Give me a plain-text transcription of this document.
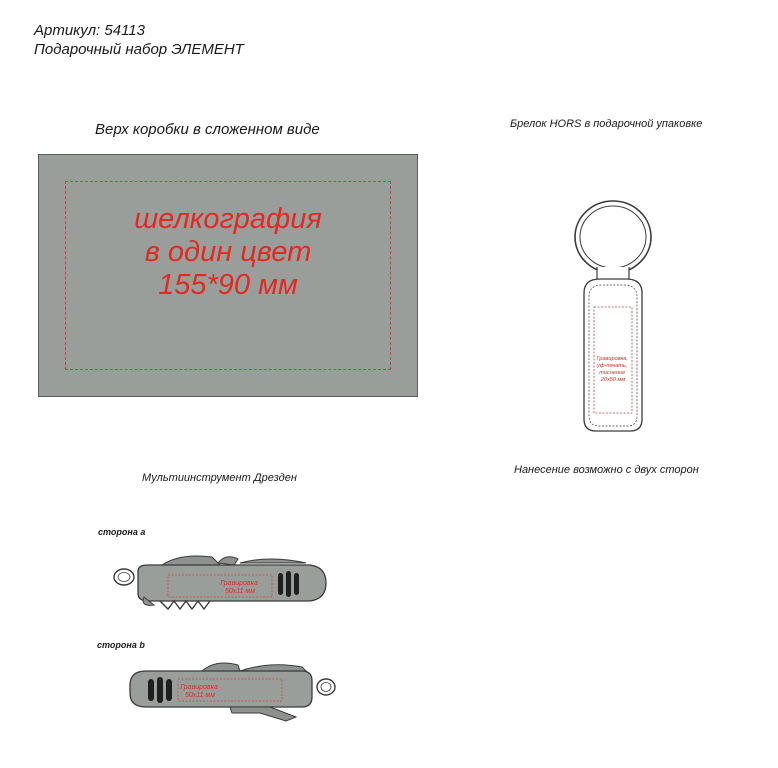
Артикул: 54113
Подарочный набор ЭЛЕМЕНТ
Верх коробки в сложенном виде
шелкография
в один цвет
155*90 мм
Брелок HORS в подарочной упаковке
Гравировка, уф-печать, тиснение 20х50 мм
Нанесение возможно с двух сторон
Мультиинструмент Дрезден
сторона a
Гравировка 50х11 мм
сторона b
Гравировка 50х11 мм
